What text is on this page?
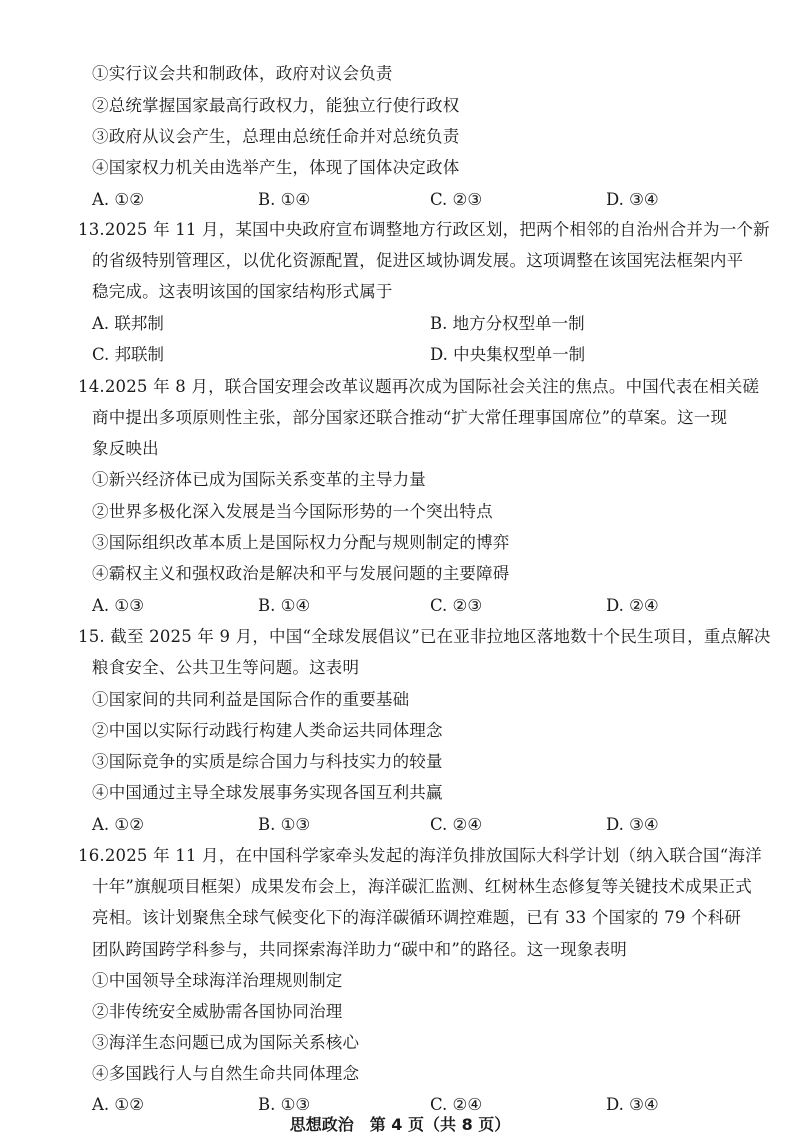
①实行议会共和制政体，政府对议会负责
②总统掌握国家最高行政权力，能独立行使行政权
③政府从议会产生，总理由总统任命并对总统负责
④国家权力机关由选举产生，体现了国体决定政体
A. ①②	B. ①④	C. ②③	D. ③④
13.2025 年 11 月，某国中央政府宣布调整地方行政区划，把两个相邻的自治州合并为一个新
的省级特别管理区，以优化资源配置，促进区域协调发展。这项调整在该国宪法框架内平
稳完成。这表明该国的国家结构形式属于
A. 联邦制	B. 地方分权型单一制
C. 邦联制	D. 中央集权型单一制
14.2025 年 8 月，联合国安理会改革议题再次成为国际社会关注的焦点。中国代表在相关磋
商中提出多项原则性主张，部分国家还联合推动“扩大常任理事国席位”的草案。这一现
象反映出
①新兴经济体已成为国际关系变革的主导力量
②世界多极化深入发展是当今国际形势的一个突出特点
③国际组织改革本质上是国际权力分配与规则制定的博弈
④霸权主义和强权政治是解决和平与发展问题的主要障碍
A. ①③	B. ①④	C. ②③	D. ②④
15. 截至 2025 年 9 月，中国“全球发展倡议”已在亚非拉地区落地数十个民生项目，重点解决
粮食安全、公共卫生等问题。这表明
①国家间的共同利益是国际合作的重要基础
②中国以实际行动践行构建人类命运共同体理念
③国际竞争的实质是综合国力与科技实力的较量
④中国通过主导全球发展事务实现各国互利共赢
A. ①②	B. ①③	C. ②④	D. ③④
16.2025 年 11 月，在中国科学家牵头发起的海洋负排放国际大科学计划（纳入联合国“海洋
十年”旗舰项目框架）成果发布会上，海洋碳汇监测、红树林生态修复等关键技术成果正式
亮相。该计划聚焦全球气候变化下的海洋碳循环调控难题，已有 33 个国家的 79 个科研
团队跨国跨学科参与，共同探索海洋助力“碳中和”的路径。这一现象表明
①中国领导全球海洋治理规则制定
②非传统安全威胁需各国协同治理
③海洋生态问题已成为国际关系核心
④多国践行人与自然生命共同体理念
A. ①②	B. ①③	C. ②④	D. ③④
思想政治　第 4 页（共 8 页）
